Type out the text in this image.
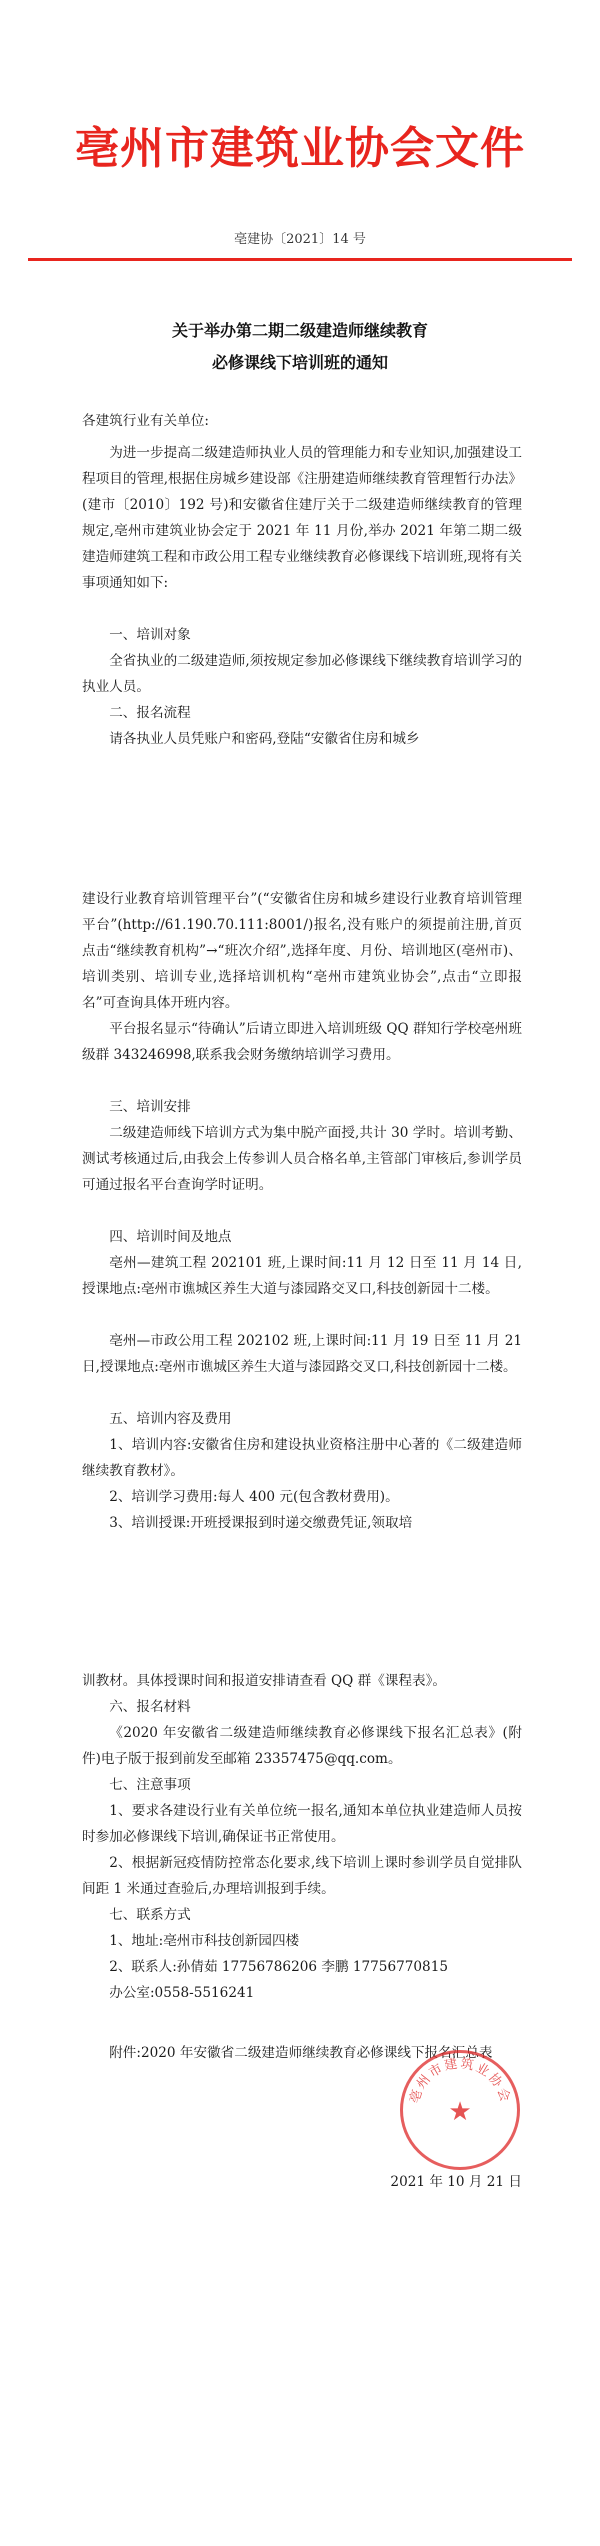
亳州市建筑业协会文件
亳建协〔2021〕14 号
关于举办第二期二级建造师继续教育
必修课线下培训班的通知
各建筑行业有关单位:
为进一步提高二级建造师执业人员的管理能力和专业知识,加强建设工程项目的管理,根据住房城乡建设部《注册建造师继续教育管理暂行办法》(建市〔2010〕192 号)和安徽省住建厅关于二级建造师继续教育的管理规定,亳州市建筑业协会定于 2021 年 11 月份,举办 2021 年第二期二级建造师建筑工程和市政公用工程专业继续教育必修课线下培训班,现将有关事项通知如下:
一、培训对象
全省执业的二级建造师,须按规定参加必修课线下继续教育培训学习的执业人员。
二、报名流程
请各执业人员凭账户和密码,登陆“安徽省住房和城乡
建设行业教育培训管理平台”(“安徽省住房和城乡建设行业教育培训管理平台”(http://61.190.70.111:8001/)报名,没有账户的须提前注册,首页点击“继续教育机构”→“班次介绍”,选择年度、月份、培训地区(亳州市)、培训类别、培训专业,选择培训机构“亳州市建筑业协会”,点击“立即报名”可查询具体开班内容。
平台报名显示“待确认”后请立即进入培训班级 QQ 群知行学校亳州班级群 343246998,联系我会财务缴纳培训学习费用。
三、培训安排
二级建造师线下培训方式为集中脱产面授,共计 30 学时。培训考勤、测试考核通过后,由我会上传参训人员合格名单,主管部门审核后,参训学员可通过报名平台查询学时证明。
四、培训时间及地点
亳州—建筑工程 202101 班,上课时间:11 月 12 日至 11 月 14 日,授课地点:亳州市谯城区养生大道与漆园路交叉口,科技创新园十二楼。
亳州—市政公用工程 202102 班,上课时间:11 月 19 日至 11 月 21 日,授课地点:亳州市谯城区养生大道与漆园路交叉口,科技创新园十二楼。
五、培训内容及费用
1、培训内容:安徽省住房和建设执业资格注册中心著的《二级建造师继续教育教材》。
2、培训学习费用:每人 400 元(包含教材费用)。
3、培训授课:开班授课报到时递交缴费凭证,领取培
训教材。具体授课时间和报道安排请查看 QQ 群《课程表》。
六、报名材料
《2020 年安徽省二级建造师继续教育必修课线下报名汇总表》(附件)电子版于报到前发至邮箱 23357475@qq.com。
七、注意事项
1、要求各建设行业有关单位统一报名,通知本单位执业建造师人员按时参加必修课线下培训,确保证书正常使用。
2、根据新冠疫情防控常态化要求,线下培训上课时参训学员自觉排队间距 1 米通过查验后,办理培训报到手续。
七、联系方式
1、地址:亳州市科技创新园四楼
2、联系人:孙倩茹 17756786206 李鹏 17756770815
办公室:0558-5516241
附件:2020 年安徽省二级建造师继续教育必修课线下报名汇总表
亳州市建筑业协会
★
2021 年 10 月 21 日
